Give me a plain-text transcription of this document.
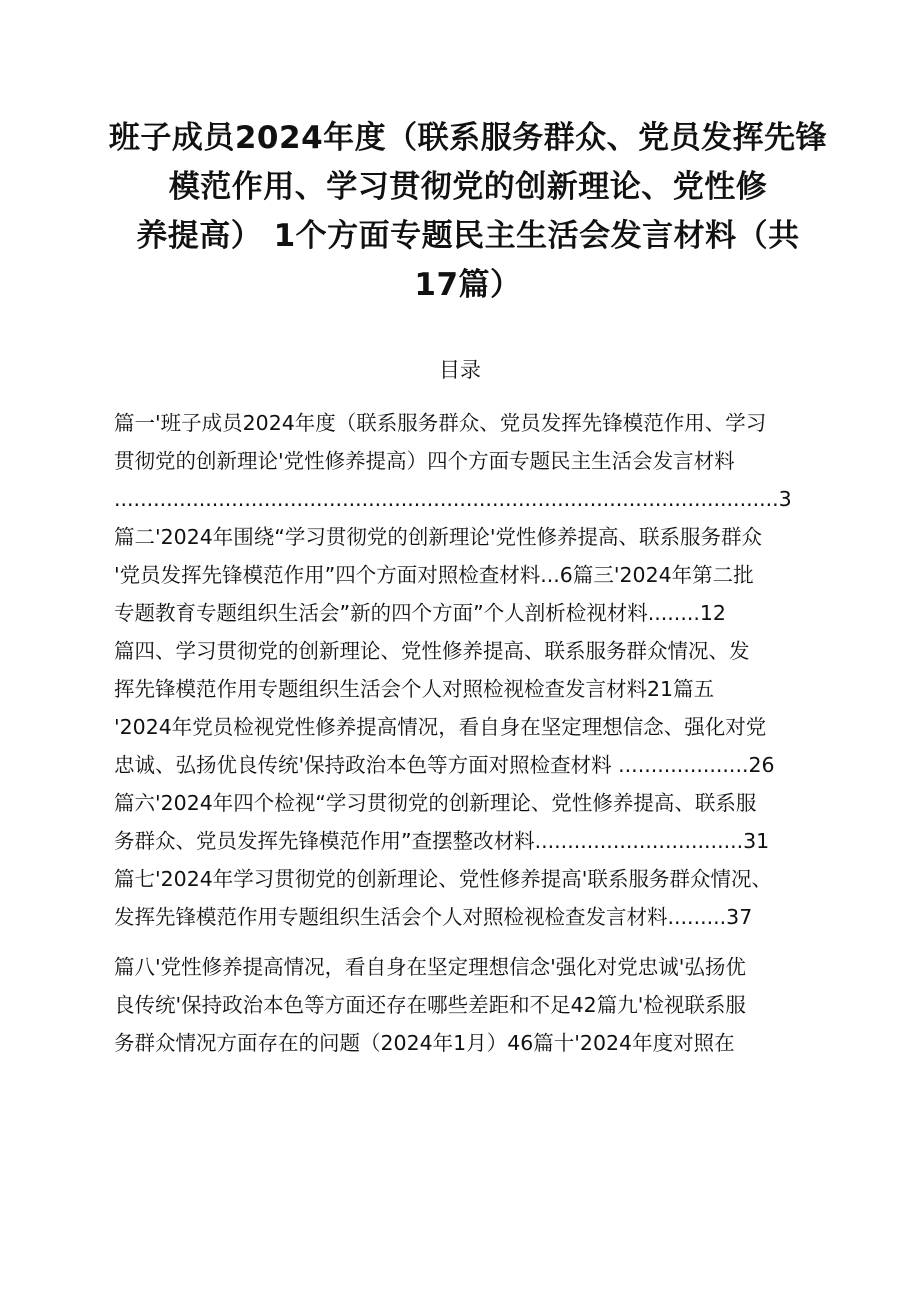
班子成员2024年度（联系服务群众、党员发挥先锋
模范作用、学习贯彻党的创新理论、党性修
养提高） 1个方面专题民主生活会发言材料（共
17篇）
目录
篇一'班子成员2024年度（联系服务群众、党员发挥先锋模范作用、学习
贯彻党的创新理论'党性修养提高）四个方面专题民主生活会发言材料
......................................................................................................3
篇二'2024年围绕“学习贯彻党的创新理论'党性修养提高、联系服务群众
'党员发挥先锋模范作用”四个方面对照检查材料...6篇三'2024年第二批
专题教育专题组织生活会”新的四个方面”个人剖析检视材料........12
篇四、学习贯彻党的创新理论、党性修养提高、联系服务群众情况、发
挥先锋模范作用专题组织生活会个人对照检视检查发言材料21篇五
'2024年党员检视党性修养提高情况，看自身在坚定理想信念、强化对党
忠诚、弘扬优良传统'保持政治本色等方面对照检查材料 ....................26
篇六'2024年四个检视“学习贯彻党的创新理论、党性修养提高、联系服
务群众、党员发挥先锋模范作用”查摆整改材料................................31
篇七'2024年学习贯彻党的创新理论、党性修养提高'联系服务群众情况、
发挥先锋模范作用专题组织生活会个人对照检视检查发言材料.........37
篇八'党性修养提高情况，看自身在坚定理想信念'强化对党忠诚'弘扬优
良传统'保持政治本色等方面还存在哪些差距和不足42篇九'检视联系服
务群众情况方面存在的问题（2024年1月）46篇十'2024年度对照在
